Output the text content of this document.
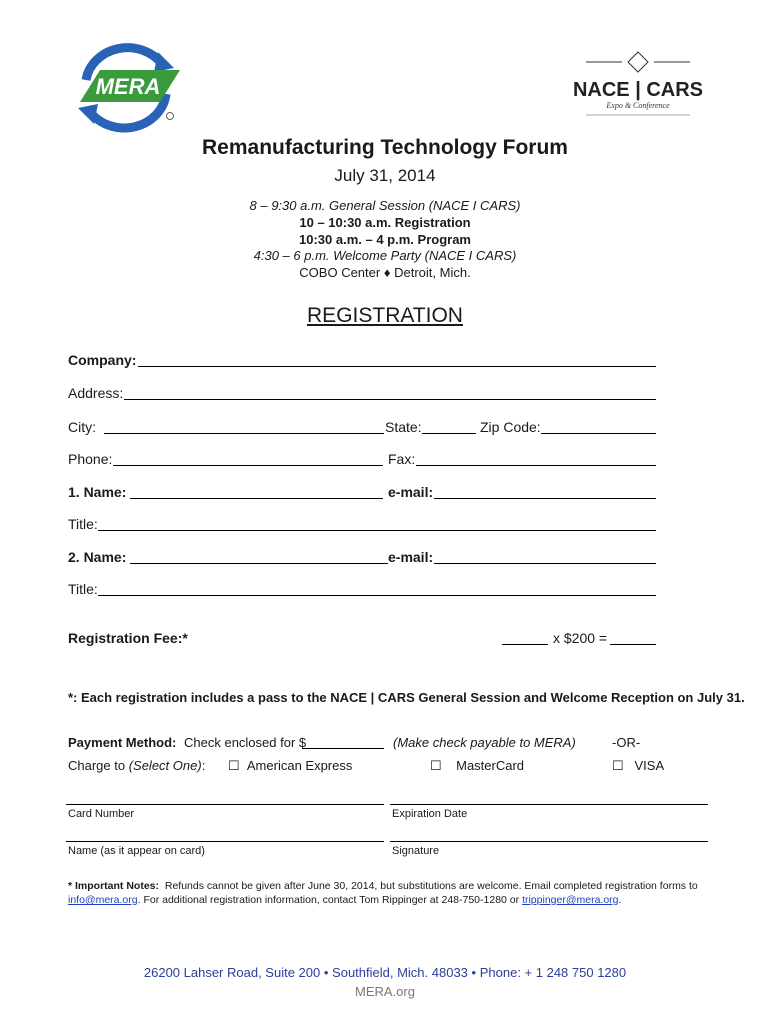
MERA	NACE | CARS
Expo & Conference
Remanufacturing Technology Forum
July 31, 2014
8 – 9:30 a.m. General Session (NACE I CARS)
10 – 10:30 a.m. Registration
10:30 a.m. – 4 p.m. Program
4:30 – 6 p.m. Welcome Party (NACE I CARS)
COBO Center ♦ Detroit, Mich.
REGISTRATION
Company:
Address:
City:	State:	Zip Code:
Phone:	Fax:
1. Name:	e-mail:
Title:
2. Name:	e-mail:
Title:
Registration Fee:*	x $200 =
*: Each registration includes a pass to the NACE | CARS General Session and Welcome Reception on July 31.
Payment Method: Check enclosed for $	(Make check payable to MERA)	-OR-
Charge to (Select One): ☐ American Express	☐ MasterCard	☐ VISA
Card Number	Expiration Date
Name (as it appear on card)	Signature
* Important Notes: Refunds cannot be given after June 30, 2014, but substitutions are welcome. Email completed registration forms to info@mera.org. For additional registration information, contact Tom Rippinger at 248-750-1280 or trippinger@mera.org.
26200 Lahser Road, Suite 200 • Southfield, Mich. 48033 • Phone: + 1 248 750 1280
MERA.org
